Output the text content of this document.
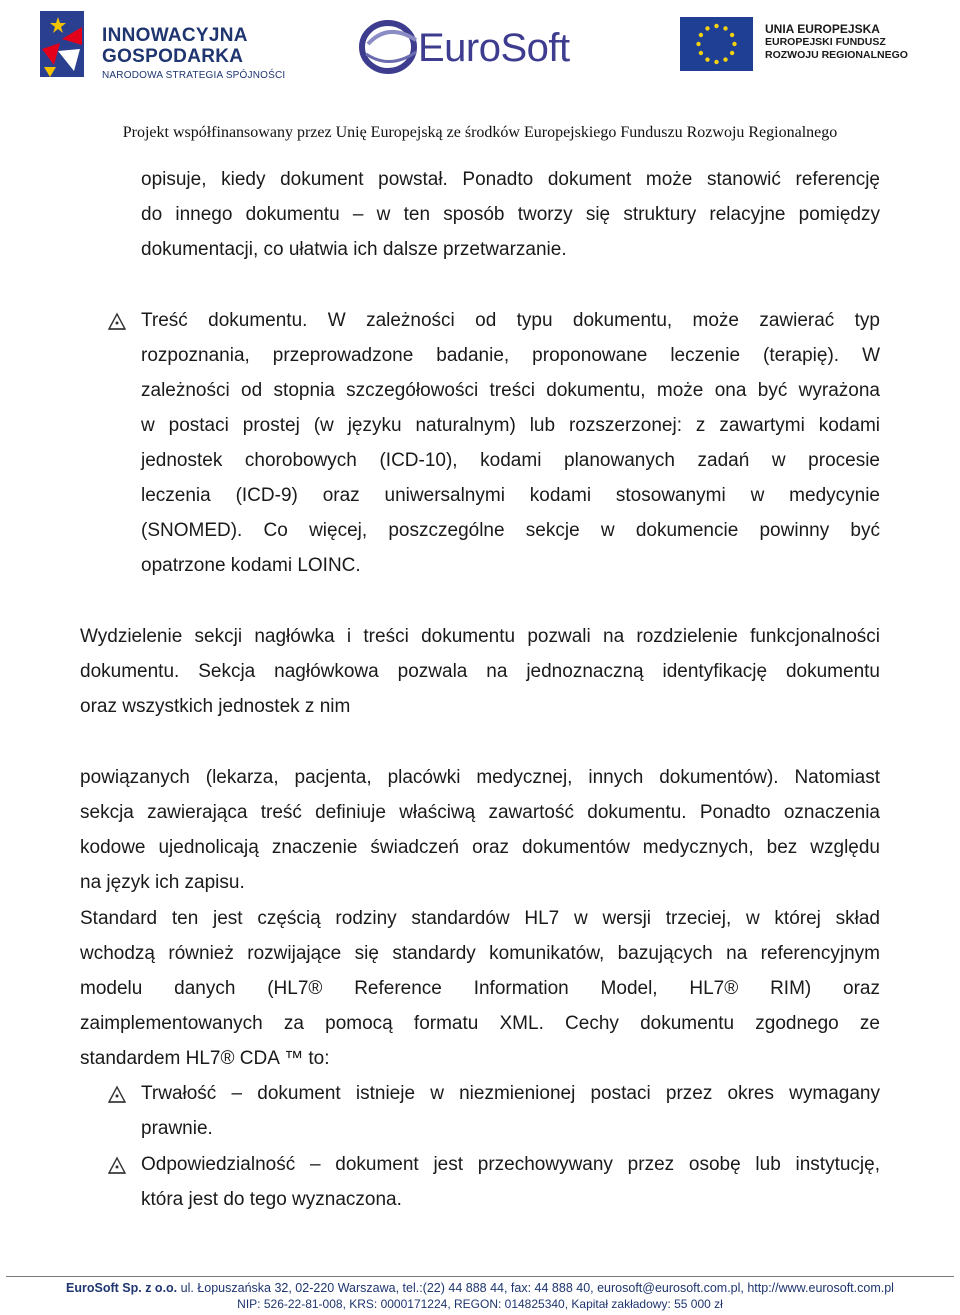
INNOWACYJNA
GOSPODARKA
NARODOWA STRATEGIA SPÓJNOŚCI
EuroSoft	UNIA EUROPEJSKA
EUROPEJSKI FUNDUSZ
ROZWOJU REGIONALNEGO
Projekt współfinansowany przez Unię Europejską ze środków Europejskiego Funduszu Rozwoju Regionalnego
opisuje, kiedy dokument powstał. Ponadto dokument może stanowić referencję
do innego dokumentu – w ten sposób tworzy się struktury relacyjne pomiędzy
dokumentacji, co ułatwia ich dalsze przetwarzanie.
Treść dokumentu. W zależności od typu dokumentu, może zawierać typ
rozpoznania, przeprowadzone badanie, proponowane leczenie (terapię). W
zależności od stopnia szczegółowości treści dokumentu, może ona być wyrażona
w postaci prostej (w języku naturalnym) lub rozszerzonej: z zawartymi kodami
jednostek chorobowych (ICD-10), kodami planowanych zadań w procesie
leczenia (ICD-9) oraz uniwersalnymi kodami stosowanymi w medycynie
(SNOMED). Co więcej, poszczególne sekcje w dokumencie powinny być
opatrzone kodami LOINC.
Wydzielenie sekcji nagłówka i treści dokumentu pozwali na rozdzielenie funkcjonalności
dokumentu. Sekcja nagłówkowa pozwala na jednoznaczną identyfikację dokumentu
oraz wszystkich jednostek z nim
powiązanych (lekarza, pacjenta, placówki medycznej, innych dokumentów). Natomiast
sekcja zawierająca treść definiuje właściwą zawartość dokumentu. Ponadto oznaczenia
kodowe ujednolicają znaczenie świadczeń oraz dokumentów medycznych, bez względu
na język ich zapisu.
Standard ten jest częścią rodziny standardów HL7 w wersji trzeciej, w której skład
wchodzą również rozwijające się standardy komunikatów, bazujących na referencyjnym
modelu danych (HL7® Reference Information Model, HL7® RIM) oraz
zaimplementowanych za pomocą formatu XML. Cechy dokumentu zgodnego ze
standardem HL7® CDA ™ to:
Trwałość – dokument istnieje w niezmienionej postaci przez okres wymagany
prawnie.
Odpowiedzialność – dokument jest przechowywany przez osobę lub instytucję,
która jest do tego wyznaczona.
EuroSoft Sp. z o.o. ul. Łopuszańska 32, 02-220 Warszawa, tel.:(22) 44 888 44, fax: 44 888 40, eurosoft@eurosoft.com.pl, http://www.eurosoft.com.pl
NIP: 526-22-81-008, KRS: 0000171224, REGON: 014825340, Kapitał zakładowy: 55 000 zł
